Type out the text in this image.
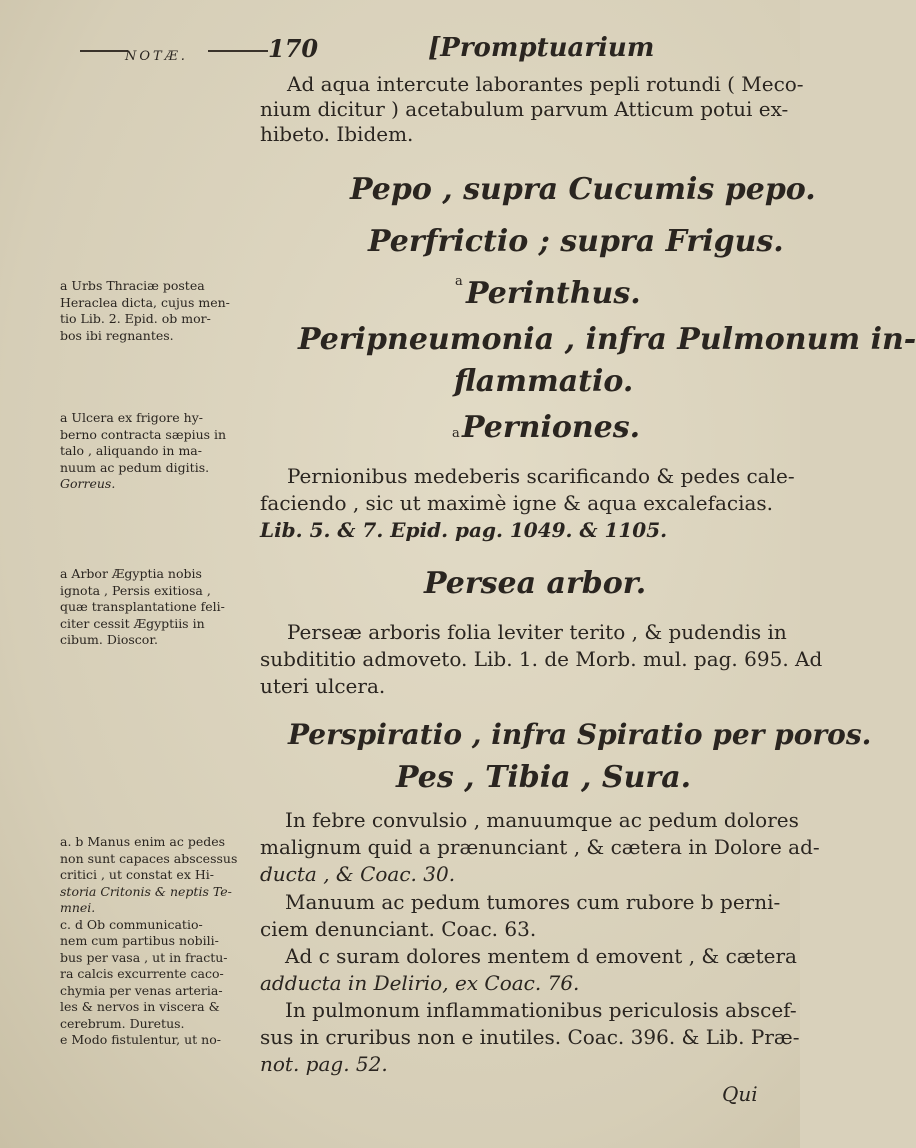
NOTÆ.	170	[Promptuarium
Ad aqua intercute laborantes pepli rotundi ( Meco-
nium dicitur ) acetabulum parvum Atticum potui ex-
hibeto. Ibidem.
Pepo , supra Cucumis pepo.
Perfrictio ; supra Frigus.
a Perinthus.
Peripneumonia , infra Pulmonum in-
flammatio.
a Perniones.
Pernionibus medeberis scarificando & pedes cale-
faciendo , sic ut maximè igne & aqua excalefacias.
Lib. 5. & 7. Epid. pag. 1049. & 1105.
Persea arbor.
Perseæ arboris folia leviter terito , & pudendis in
subdititio admoveto. Lib. 1. de Morb. mul. pag. 695. Ad
uteri ulcera.
Perspiratio , infra Spiratio per poros.
Pes , Tibia , Sura.
In febre convulsio , manuumque ac pedum dolores
malignum quid a prænunciant , & cætera in Dolore ad-
ducta , & Coac. 30.
Manuum ac pedum tumores cum rubore b perni-
ciem denunciant. Coac. 63.
Ad c suram dolores mentem d emovent , & cætera
adducta in Delirio, ex Coac. 76.
In pulmonum inflammationibus periculosis abscef-
sus in cruribus non e inutiles. Coac. 396. & Lib. Præ-
not. pag. 52.
a Urbs Thraciæ postea
Heraclea dicta, cujus men-
tio Lib. 2. Epid. ob mor-
bos ibi regnantes.
a Ulcera ex frigore hy-
berno contracta sæpius in
talo , aliquando in ma-
nuum ac pedum digitis.
Gorreus.
a Arbor Ægyptia nobis
ignota , Persis exitiosa ,
quæ transplantatione feli-
citer cessit Ægyptiis in
cibum. Dioscor.
a. b Manus enim ac pedes
non sunt capaces abscessus
critici , ut constat ex Hi-
storia Critonis & neptis Te-
mnei.
c. d Ob communicatio-
nem cum partibus nobili-
bus per vasa , ut in fractu-
ra calcis excurrente caco-
chymia per venas arteria-
les & nervos in viscera &
cerebrum. Duretus.
e Modo fistulentur, ut no-
Qui
